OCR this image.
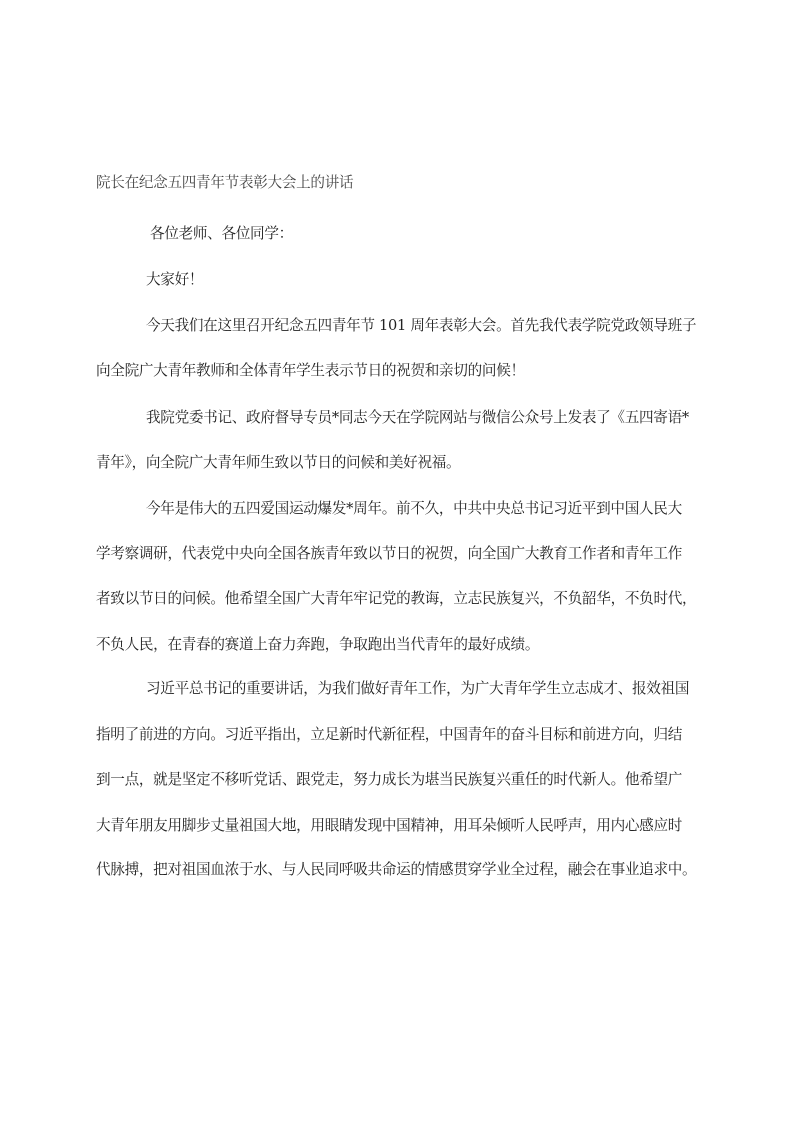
院长在纪念五四青年节表彰大会上的讲话
各位老师、各位同学：
大家好！
今天我们在这里召开纪念五四青年节 101 周年表彰大会。首先我代表学院党政领导班子
向全院广大青年教师和全体青年学生表示节日的祝贺和亲切的问候！
我院党委书记、政府督导专员*同志今天在学院网站与微信公众号上发表了《五四寄语*
青年》，向全院广大青年师生致以节日的问候和美好祝福。
今年是伟大的五四爱国运动爆发*周年。前不久，中共中央总书记习近平到中国人民大
学考察调研，代表党中央向全国各族青年致以节日的祝贺，向全国广大教育工作者和青年工作
者致以节日的问候。他希望全国广大青年牢记党的教诲，立志民族复兴，不负韶华，不负时代，
不负人民，在青春的赛道上奋力奔跑，争取跑出当代青年的最好成绩。
习近平总书记的重要讲话，为我们做好青年工作，为广大青年学生立志成才、报效祖国
指明了前进的方向。习近平指出，立足新时代新征程，中国青年的奋斗目标和前进方向，归结
到一点，就是坚定不移听党话、跟党走，努力成长为堪当民族复兴重任的时代新人。他希望广
大青年朋友用脚步丈量祖国大地，用眼睛发现中国精神，用耳朵倾听人民呼声，用内心感应时
代脉搏，把对祖国血浓于水、与人民同呼吸共命运的情感贯穿学业全过程，融会在事业追求中。
